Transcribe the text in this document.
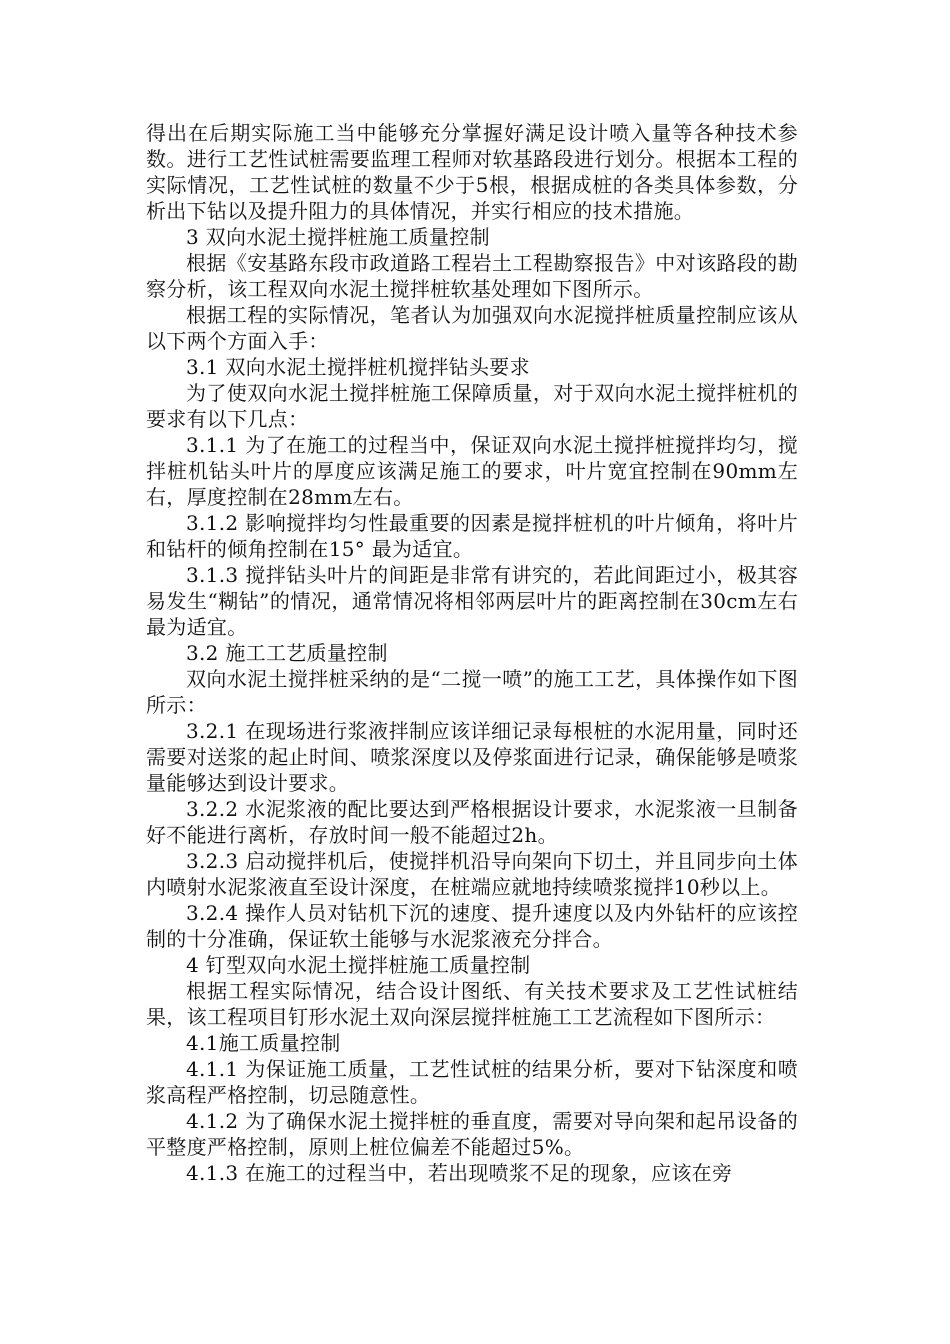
得出在后期实际施工当中能够充分掌握好满足设计喷入量等各种技术参数。进行工艺性试桩需要监理工程师对软基路段进行划分。根据本工程的实际情况，工艺性试桩的数量不少于5根，根据成桩的各类具体参数，分析出下钻以及提升阻力的具体情况，并实行相应的技术措施。

3 双向水泥土搅拌桩施工质量控制

根据《安基路东段市政道路工程岩土工程勘察报告》中对该路段的勘察分析，该工程双向水泥土搅拌桩软基处理如下图所示。

根据工程的实际情况，笔者认为加强双向水泥搅拌桩质量控制应该从以下两个方面入手：

3.1 双向水泥土搅拌桩机搅拌钻头要求

为了使双向水泥土搅拌桩施工保障质量，对于双向水泥土搅拌桩机的要求有以下几点：

3.1.1 为了在施工的过程当中，保证双向水泥土搅拌桩搅拌均匀，搅拌桩机钻头叶片的厚度应该满足施工的要求，叶片宽宜控制在90mm左右，厚度控制在28mm左右。

3.1.2 影响搅拌均匀性最重要的因素是搅拌桩机的叶片倾角，将叶片和钻杆的倾角控制在15° 最为适宜。

3.1.3 搅拌钻头叶片的间距是非常有讲究的，若此间距过小，极其容易发生“糊钻”的情况，通常情况将相邻两层叶片的距离控制在30cm左右最为适宜。

3.2 施工工艺质量控制

双向水泥土搅拌桩采纳的是“二搅一喷”的施工工艺，具体操作如下图所示：

3.2.1 在现场进行浆液拌制应该详细记录每根桩的水泥用量，同时还需要对送浆的起止时间、喷浆深度以及停浆面进行记录，确保能够是喷浆量能够达到设计要求。

3.2.2 水泥浆液的配比要达到严格根据设计要求，水泥浆液一旦制备好不能进行离析，存放时间一般不能超过2h。

3.2.3 启动搅拌机后，使搅拌机沿导向架向下切土，并且同步向土体内喷射水泥浆液直至设计深度，在桩端应就地持续喷浆搅拌10秒以上。

3.2.4 操作人员对钻机下沉的速度、提升速度以及内外钻杆的应该控制的十分准确，保证软土能够与水泥浆液充分拌合。

4 钉型双向水泥土搅拌桩施工质量控制

根据工程实际情况，结合设计图纸、有关技术要求及工艺性试桩结果，该工程项目钉形水泥土双向深层搅拌桩施工工艺流程如下图所示：

4.1施工质量控制

4.1.1 为保证施工质量，工艺性试桩的结果分析，要对下钻深度和喷浆高程严格控制，切忌随意性。

4.1.2 为了确保水泥土搅拌桩的垂直度，需要对导向架和起吊设备的平整度严格控制，原则上桩位偏差不能超过5%。

4.1.3 在施工的过程当中，若出现喷浆不足的现象，应该在旁
